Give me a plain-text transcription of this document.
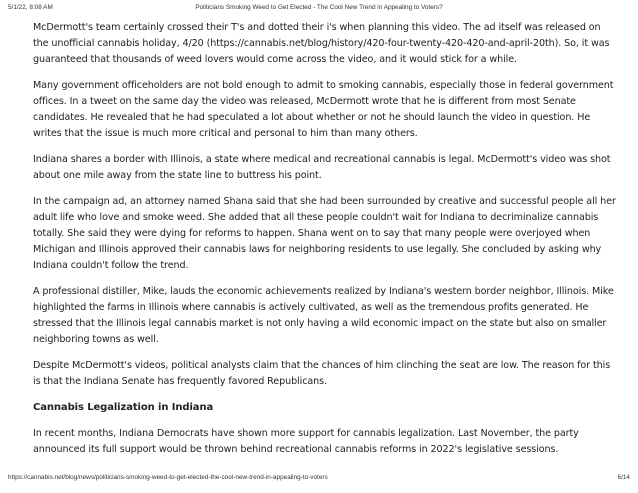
5/1/22, 8:08 AM	Politicians Smoking Weed to Get Elected - The Cool New Trend in Appealing to Voters?

McDermott's team certainly crossed their T's and dotted their i's when planning this video. The ad itself was released on the unofficial cannabis holiday, 4/20 (https://cannabis.net/blog/history/420-four-twenty-420-420-and-april-20th). So, it was guaranteed that thousands of weed lovers would come across the video, and it would stick for a while.

Many government officeholders are not bold enough to admit to smoking cannabis, especially those in federal government offices. In a tweet on the same day the video was released, McDermott wrote that he is different from most Senate candidates. He revealed that he had speculated a lot about whether or not he should launch the video in question. He writes that the issue is much more critical and personal to him than many others.

Indiana shares a border with Illinois, a state where medical and recreational cannabis is legal. McDermott's video was shot about one mile away from the state line to buttress his point.

In the campaign ad, an attorney named Shana said that she had been surrounded by creative and successful people all her adult life who love and smoke weed. She added that all these people couldn't wait for Indiana to decriminalize cannabis totally. She said they were dying for reforms to happen. Shana went on to say that many people were overjoyed when Michigan and Illinois approved their cannabis laws for neighboring residents to use legally. She concluded by asking why Indiana couldn't follow the trend.

A professional distiller, Mike, lauds the economic achievements realized by Indiana's western border neighbor, Illinois. Mike highlighted the farms in Illinois where cannabis is actively cultivated, as well as the tremendous profits generated. He stressed that the Illinois legal cannabis market is not only having a wild economic impact on the state but also on smaller neighboring towns as well.

Despite McDermott's videos, political analysts claim that the chances of him clinching the seat are low. The reason for this is that the Indiana Senate has frequently favored Republicans.

Cannabis Legalization in Indiana

In recent months, Indiana Democrats have shown more support for cannabis legalization. Last November, the party announced its full support would be thrown behind recreational cannabis reforms in 2022's legislative sessions.

https://cannabis.net/blog/news/politicians-smoking-weed-to-get-elected-the-cool-new-trend-in-appealing-to-voters	6/14
